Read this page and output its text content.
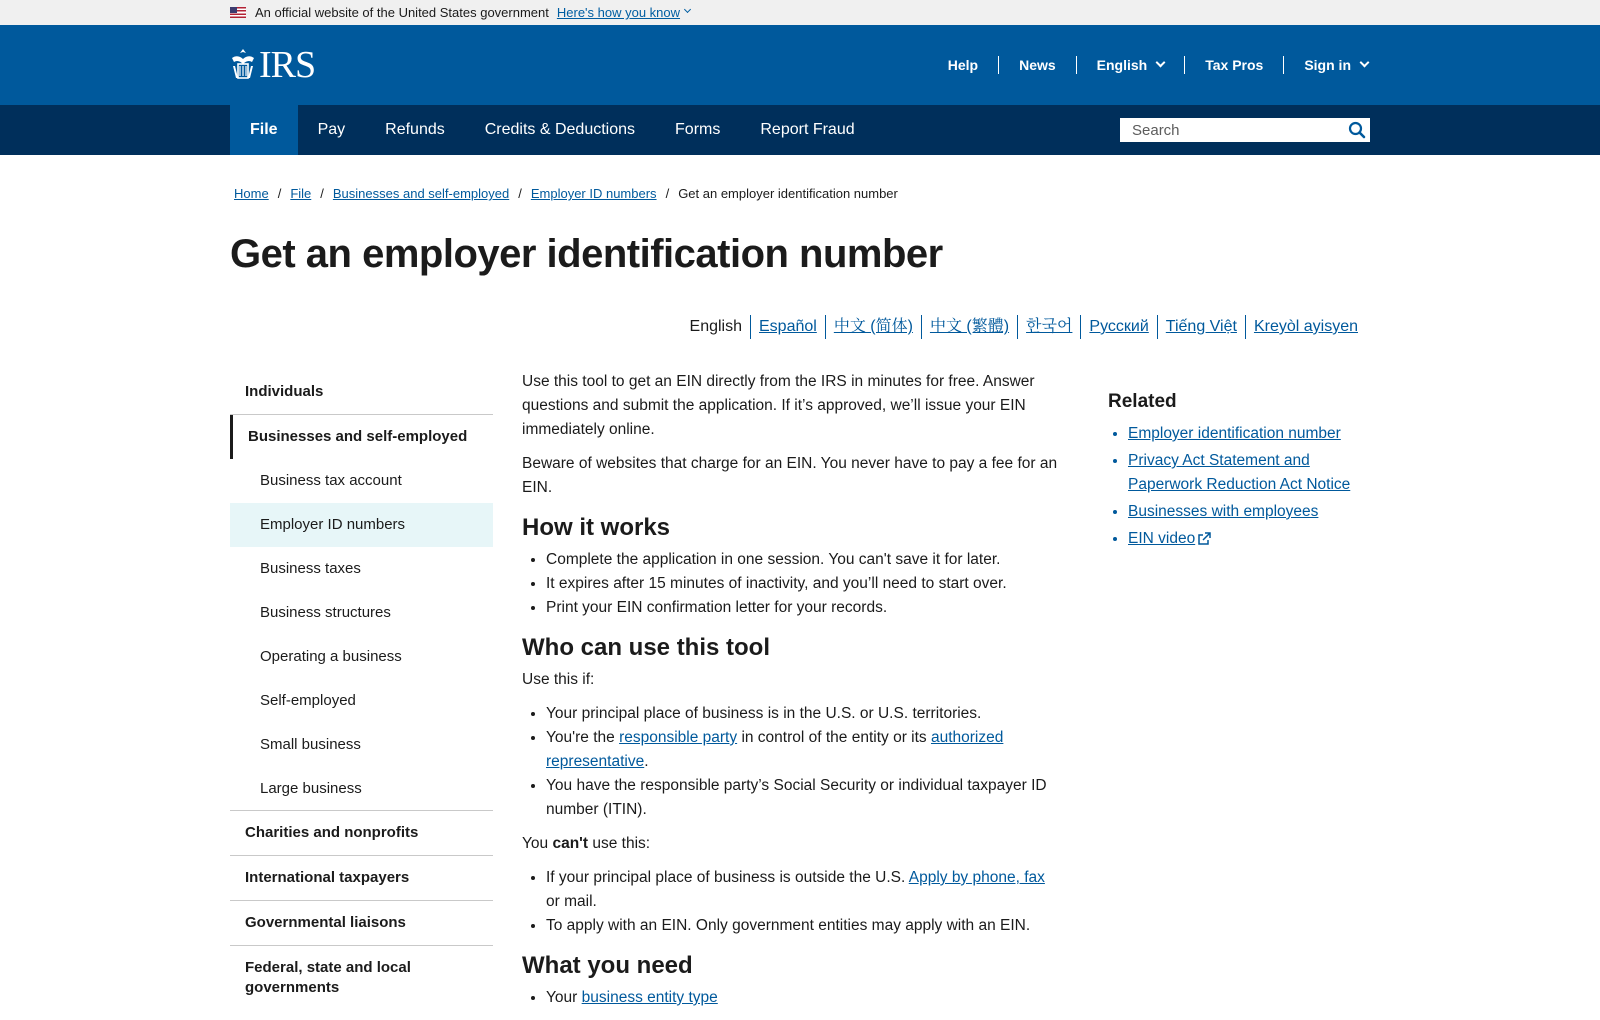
An official website of the United States government Here's how you know
IRS	Help	News	English	Tax Pros	Sign in
File	Pay	Refunds	Credits & Deductions	Forms	Report Fraud
Search
Home / File / Businesses and self-employed / Employer ID numbers / Get an employer identification number
Get an employer identification number
English	Español	中文 (简体)	中文 (繁體)	한국어	Русский	Tiếng Việt	Kreyòl ayisyen
Individuals
Businesses and self-employed
Business tax account
Employer ID numbers
Business taxes
Business structures
Operating a business
Self-employed
Small business
Large business
Charities and nonprofits
International taxpayers
Governmental liaisons
Federal, state and local governments

Use this tool to get an EIN directly from the IRS in minutes for free. Answer questions and submit the application. If it’s approved, we’ll issue your EIN immediately online.

Beware of websites that charge for an EIN. You never have to pay a fee for an EIN.

How it works
• Complete the application in one session. You can't save it for later.
• It expires after 15 minutes of inactivity, and you’ll need to start over.
• Print your EIN confirmation letter for your records.
Who can use this tool

Use this if:

• Your principal place of business is in the U.S. or U.S. territories.
• You're the responsible party in control of the entity or its authorized representative.
• You have the responsible party’s Social Security or individual taxpayer ID number (ITIN).

You can't use this:

• If your principal place of business is outside the U.S. Apply by phone, fax or mail.
• To apply with an EIN. Only government entities may apply with an EIN.
What you need
• Your business entity type
Related
• Employer identification number
• Privacy Act Statement and Paperwork Reduction Act Notice
• Businesses with employees
• EIN video
